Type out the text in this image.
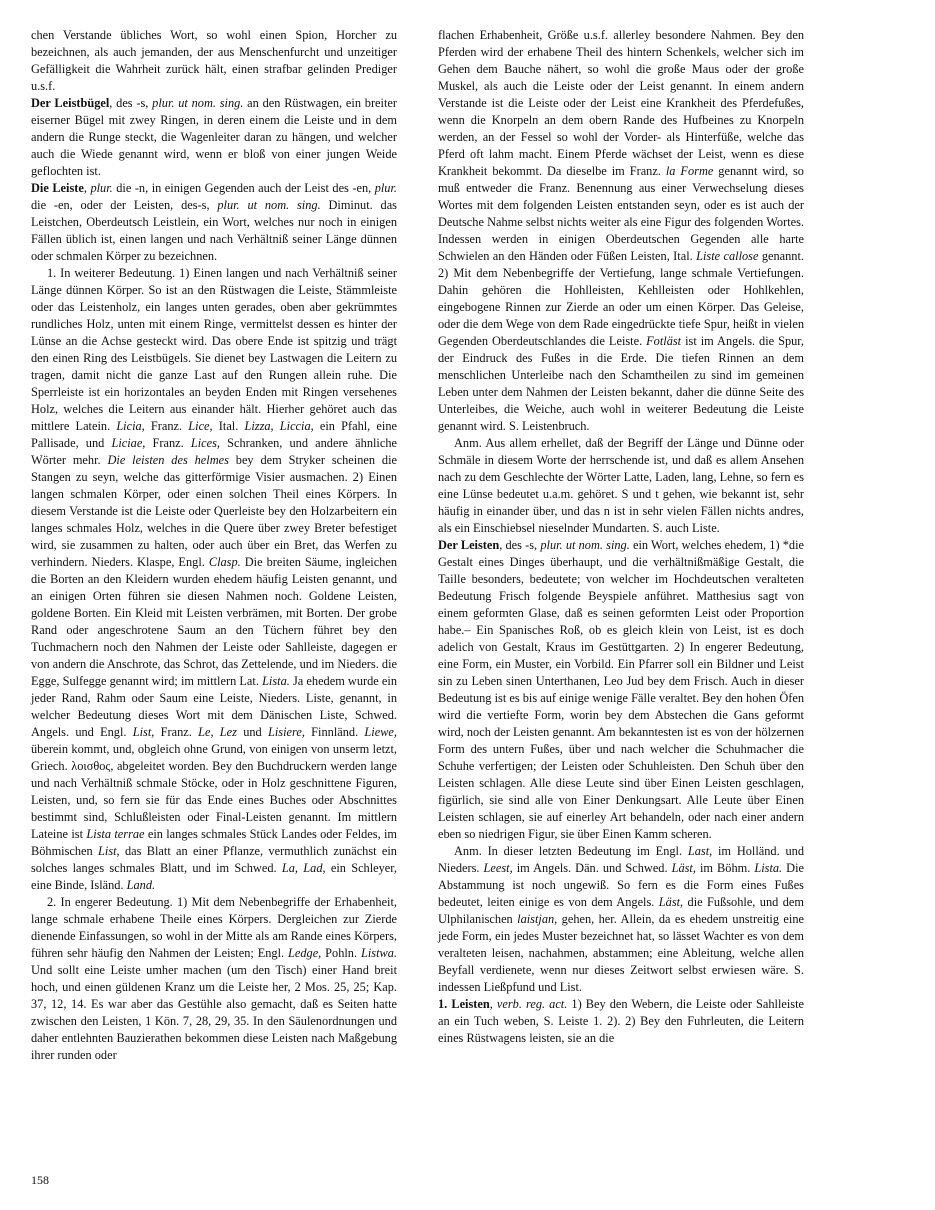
chen Verstande übliches Wort, so wohl einen Spion, Horcher zu bezeichnen, als auch jemanden, der aus Menschenfurcht und unzeitiger Gefälligkeit die Wahrheit zurück hält, einen strafbar gelinden Prediger u.s.f.

Der Leistbügel, des -s, plur. ut nom. sing. an den Rüstwagen, ein breiter eiserner Bügel mit zwey Ringen, in deren einem die Leiste und in dem andern die Runge steckt, die Wagenleiter daran zu hängen, und welcher auch die Wiede genannt wird, wenn er bloß von einer jungen Weide geflochten ist.

Die Leiste, plur. die -n, in einigen Gegenden auch der Leist des -en, plur. die -en, oder der Leisten, des-s, plur. ut nom. sing. Diminut. das Leistchen, Oberdeutsch Leistlein, ein Wort, welches nur noch in einigen Fällen üblich ist, einen langen und nach Verhältniß seiner Länge dünnen oder schmalen Körper zu bezeichnen.

1. In weiterer Bedeutung. 1) Einen langen und nach Verhältniß seiner Länge dünnen Körper. So ist an den Rüstwagen die Leiste, Stämmleiste oder das Leistenholz, ein langes unten gerades, oben aber gekrümmtes rundliches Holz, unten mit einem Ringe, vermittelst dessen es hinter der Lünse an die Achse gesteckt wird. Das obere Ende ist spitzig und trägt den einen Ring des Leistbügels. Sie dienet bey Lastwagen die Leitern zu tragen, damit nicht die ganze Last auf den Rungen allein ruhe. Die Sperrleiste ist ein horizontales an beyden Enden mit Ringen versehenes Holz, welches die Leitern aus einander hält. Hierher gehöret auch das mittlere Latein. Licia, Franz. Lice, Ital. Lizza, Liccia, ein Pfahl, eine Pallisade, und Liciae, Franz. Lices, Schranken, und andere ähnliche Wörter mehr. Die leisten des helmes bey dem Stryker scheinen die Stangen zu seyn, welche das gitterförmige Visier ausmachen. 2) Einen langen schmalen Körper, oder einen solchen Theil eines Körpers. In diesem Verstande ist die Leiste oder Querleiste bey den Holzarbeitern ein langes schmales Holz, welches in die Quere über zwey Breter befestiget wird, sie zusammen zu halten, oder auch über ein Bret, das Werfen zu verhindern. Nieders. Klaspe, Engl. Clasp. Die breiten Säume, ingleichen die Borten an den Kleidern wurden ehedem häufig Leisten genannt, und an einigen Orten führen sie diesen Nahmen noch. Goldene Leisten, goldene Borten. Ein Kleid mit Leisten verbrämen, mit Borten. Der grobe Rand oder angeschrotene Saum an den Tüchern führet bey den Tuchmachern noch den Nahmen der Leiste oder Sahlleiste, dagegen er von andern die Anschrote, das Schrot, das Zettelende, und im Nieders. die Egge, Sulfegge genannt wird; im mittlern Lat. Lista. Ja ehedem wurde ein jeder Rand, Rahm oder Saum eine Leiste, Nieders. Liste, genannt, in welcher Bedeutung dieses Wort mit dem Dänischen Liste, Schwed. Angels. und Engl. List, Franz. Le, Lez und Lisiere, Finnländ. Liewe, überein kommt, und, obgleich ohne Grund, von einigen von unserm letzt, Griech. λοισθος, abgeleitet worden. Bey den Buchdruckern werden lange und nach Verhältniß schmale Stöcke, oder in Holz geschnittene Figuren, Leisten, und, so fern sie für das Ende eines Buches oder Abschnittes bestimmt sind, Schlußleisten oder Final-Leisten genannt. Im mittlern Lateine ist Lista terrae ein langes schmales Stück Landes oder Feldes, im Böhmischen List, das Blatt an einer Pflanze, vermuthlich zunächst ein solches langes schmales Blatt, und im Schwed. La, Lad, ein Schleyer, eine Binde, Isländ. Land.

2. In engerer Bedeutung. 1) Mit dem Nebenbegriffe der Erhabenheit, lange schmale erhabene Theile eines Körpers. Dergleichen zur Zierde dienende Einfassungen, so wohl in der Mitte als am Rande eines Körpers, führen sehr häufig den Nahmen der Leisten; Engl. Ledge, Pohln. Listwa. Und sollt eine Leiste umher machen (um den Tisch) einer Hand breit hoch, und einen güldenen Kranz um die Leiste her, 2 Mos. 25, 25; Kap. 37, 12, 14. Es war aber das Gestühle also gemacht, daß es Seiten hatte zwischen den Leisten, 1 Kön. 7, 28, 29, 35. In den Säulenordnungen und daher entlehnten Bauzierathen bekommen diese Leisten nach Maßgebung ihrer runden oder

flachen Erhabenheit, Größe u.s.f. allerley besondere Nahmen. Bey den Pferden wird der erhabene Theil des hintern Schenkels, welcher sich im Gehen dem Bauche nähert, so wohl die große Maus oder der große Muskel, als auch die Leiste oder der Leist genannt. In einem andern Verstande ist die Leiste oder der Leist eine Krankheit des Pferdefußes, wenn die Knorpeln an dem obern Rande des Hufbeines zu Knorpeln werden, an der Fessel so wohl der Vorder- als Hinterfüße, welche das Pferd oft lahm macht. Einem Pferde wächset der Leist, wenn es diese Krankheit bekommt. Da dieselbe im Franz. la Forme genannt wird, so muß entweder die Franz. Benennung aus einer Verwechselung dieses Wortes mit dem folgenden Leisten entstanden seyn, oder es ist auch der Deutsche Nahme selbst nichts weiter als eine Figur des folgenden Wortes. Indessen werden in einigen Oberdeutschen Gegenden alle harte Schwielen an den Händen oder Füßen Leisten, Ital. Liste callose genannt. 2) Mit dem Nebenbegriffe der Vertiefung, lange schmale Vertiefungen. Dahin gehören die Hohlleisten, Kehlleisten oder Hohlkehlen, eingebogene Rinnen zur Zierde an oder um einen Körper. Das Geleise, oder die dem Wege von dem Rade eingedrückte tiefe Spur, heißt in vielen Gegenden Oberdeutschlandes die Leiste. Fotläst ist im Angels. die Spur, der Eindruck des Fußes in die Erde. Die tiefen Rinnen an dem menschlichen Unterleibe nach den Schamtheilen zu sind im gemeinen Leben unter dem Nahmen der Leisten bekannt, daher die dünne Seite des Unterleibes, die Weiche, auch wohl in weiterer Bedeutung die Leiste genannt wird. S. Leistenbruch.

Anm. Aus allem erhellet, daß der Begriff der Länge und Dünne oder Schmäle in diesem Worte der herrschende ist, und daß es allem Ansehen nach zu dem Geschlechte der Wörter Latte, Laden, lang, Lehne, so fern es eine Lünse bedeutet u.a.m. gehöret. S und t gehen, wie bekannt ist, sehr häufig in einander über, und das n ist in sehr vielen Fällen nichts andres, als ein Einschiebsel nieselnder Mundarten. S. auch Liste.

Der Leisten, des -s, plur. ut nom. sing. ein Wort, welches ehedem, 1) *die Gestalt eines Dinges überhaupt, und die verhältnißmäßige Gestalt, die Taille besonders, bedeutete; von welcher im Hochdeutschen veralteten Bedeutung Frisch folgende Beyspiele anführet. Matthesius sagt von einem geformten Glase, daß es seinen geformten Leist oder Proportion habe.– Ein Spanisches Roß, ob es gleich klein von Leist, ist es doch adelich von Gestalt, Kraus im Gestüttgarten. 2) In engerer Bedeutung, eine Form, ein Muster, ein Vorbild. Ein Pfarrer soll ein Bildner und Leist sin zu Leben sinen Unterthanen, Leo Jud bey dem Frisch. Auch in dieser Bedeutung ist es bis auf einige wenige Fälle veraltet. Bey den hohen Öfen wird die vertiefte Form, worin bey dem Abstechen die Gans geformt wird, noch der Leisten genannt. Am bekanntesten ist es von der hölzernen Form des untern Fußes, über und nach welcher die Schuhmacher die Schuhe verfertigen; der Leisten oder Schuhleisten. Den Schuh über den Leisten schlagen. Alle diese Leute sind über Einen Leisten geschlagen, figürlich, sie sind alle von Einer Denkungsart. Alle Leute über Einen Leisten schlagen, sie auf einerley Art behandeln, oder nach einer andern eben so niedrigen Figur, sie über Einen Kamm scheren.

Anm. In dieser letzten Bedeutung im Engl. Last, im Holländ. und Nieders. Leest, im Angels. Dän. und Schwed. Läst, im Böhm. Lista. Die Abstammung ist noch ungewiß. So fern es die Form eines Fußes bedeutet, leiten einige es von dem Angels. Läst, die Fußsohle, und dem Ulphilanischen laistjan, gehen, her. Allein, da es ehedem unstreitig eine jede Form, ein jedes Muster bezeichnet hat, so lässet Wachter es von dem veralteten leisen, nachahmen, abstammen; eine Ableitung, welche allen Beyfall verdienete, wenn nur dieses Zeitwort selbst erwiesen wäre. S. indessen Ließpfund und List.

1. Leisten, verb. reg. act. 1) Bey den Webern, die Leiste oder Sahlleiste an ein Tuch weben, S. Leiste 1. 2). 2) Bey den Fuhrleuten, die Leitern eines Rüstwagens leisten, sie an die

158
